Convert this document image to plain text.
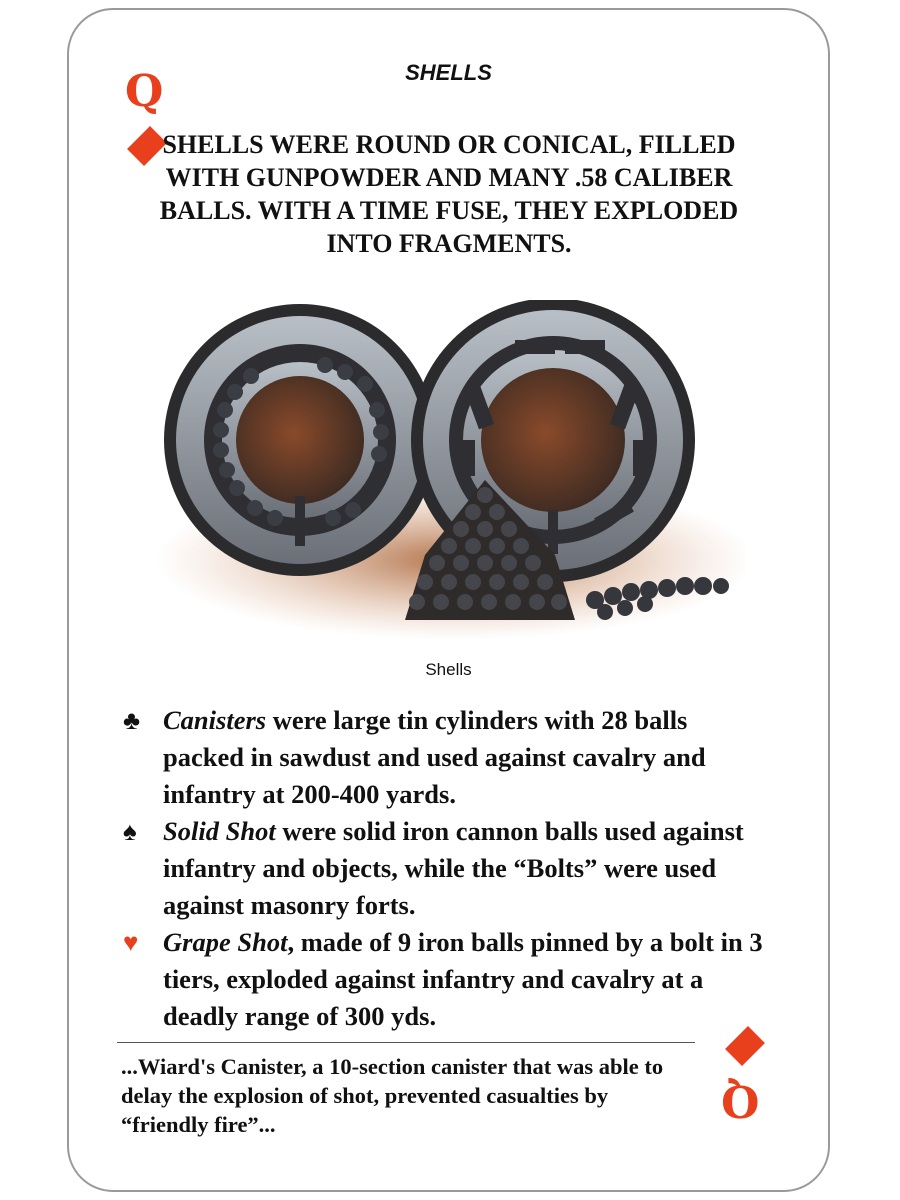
Q	SHELLS
SHELLS WERE ROUND OR CONICAL, FILLED WITH GUNPOWDER AND MANY .58 CALIBER BALLS. WITH A TIME FUSE, THEY EXPLODED INTO FRAGMENTS.
Shells

♣ Canisters were large tin cylinders with 28 balls packed in sawdust and used against cavalry and infantry at 200-400 yards.

♠ Solid Shot were solid iron cannon balls used against infantry and objects, while the “Bolts” were used against masonry forts.

♥ Grape Shot, made of 9 iron balls pinned by a bolt in 3 tiers, exploded against infantry and cavalry at a deadly range of 300 yds.

...Wiard's Canister, a 10-section canister that was able to delay the explosion of shot, prevented casualties by “friendly fire”...	Q
